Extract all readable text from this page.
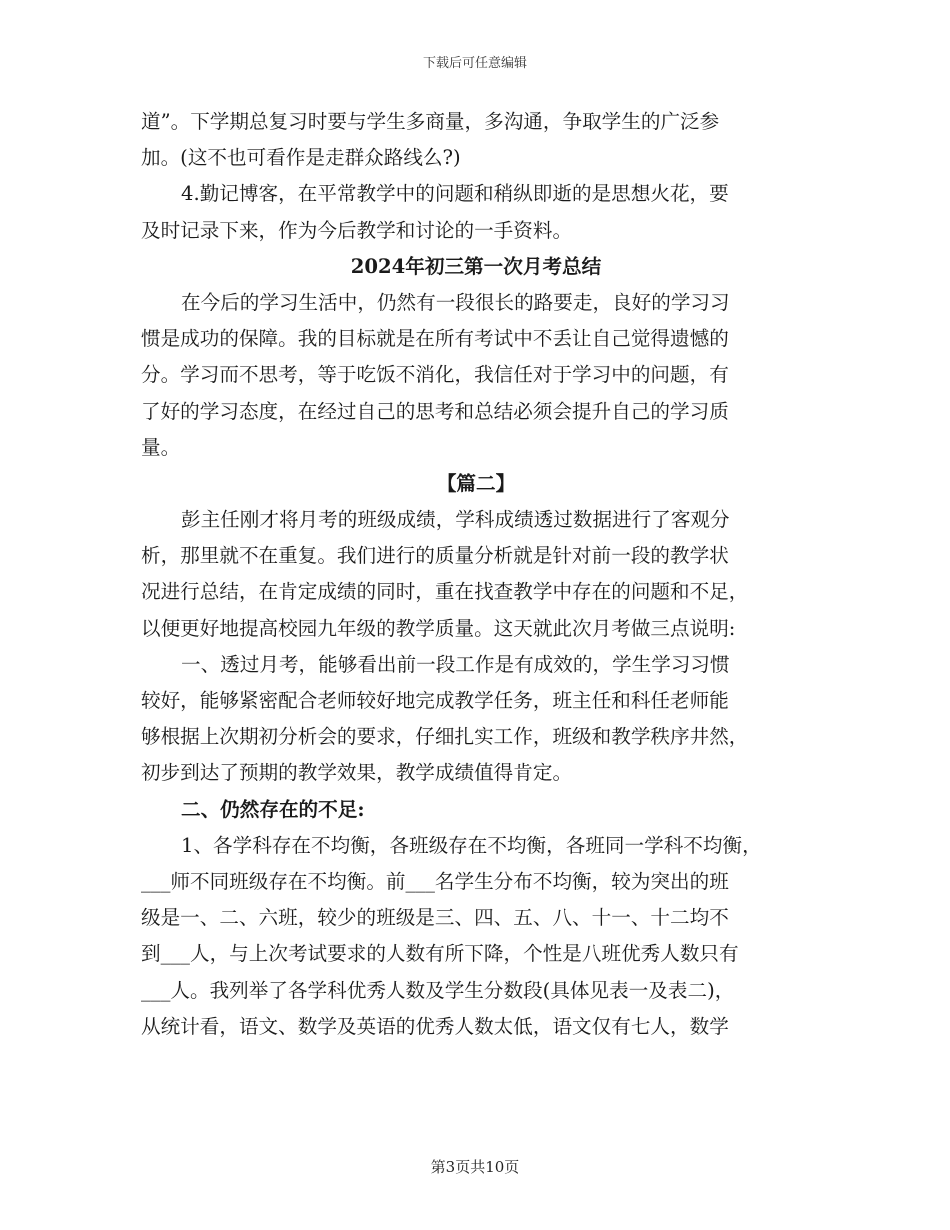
下载后可任意编辑
道”。下学期总复习时要与学生多商量，多沟通，争取学生的广泛参
加。(这不也可看作是走群众路线么?)
4.勤记博客，在平常教学中的问题和稍纵即逝的是思想火花，要
及时记录下来，作为今后教学和讨论的一手资料。
2024年初三第一次月考总结
在今后的学习生活中，仍然有一段很长的路要走，良好的学习习
惯是成功的保障。我的目标就是在所有考试中不丢让自己觉得遗憾的
分。学习而不思考，等于吃饭不消化，我信任对于学习中的问题，有
了好的学习态度，在经过自己的思考和总结必须会提升自己的学习质
量。
【篇二】
彭主任刚才将月考的班级成绩，学科成绩透过数据进行了客观分
析，那里就不在重复。我们进行的质量分析就是针对前一段的教学状
况进行总结，在肯定成绩的同时，重在找查教学中存在的问题和不足，
以便更好地提高校园九年级的教学质量。这天就此次月考做三点说明:
一、透过月考，能够看出前一段工作是有成效的，学生学习习惯
较好，能够紧密配合老师较好地完成教学任务，班主任和科任老师能
够根据上次期初分析会的要求，仔细扎实工作，班级和教学秩序井然，
初步到达了预期的教学效果，教学成绩值得肯定。
二、仍然存在的不足:
1、各学科存在不均衡，各班级存在不均衡，各班同一学科不均衡，
___师不同班级存在不均衡。前___名学生分布不均衡，较为突出的班
级是一、二、六班，较少的班级是三、四、五、八、十一、十二均不
到___人，与上次考试要求的人数有所下降，个性是八班优秀人数只有
___人。我列举了各学科优秀人数及学生分数段(具体见表一及表二)，
从统计看，语文、数学及英语的优秀人数太低，语文仅有七人，数学
第3页共10页
